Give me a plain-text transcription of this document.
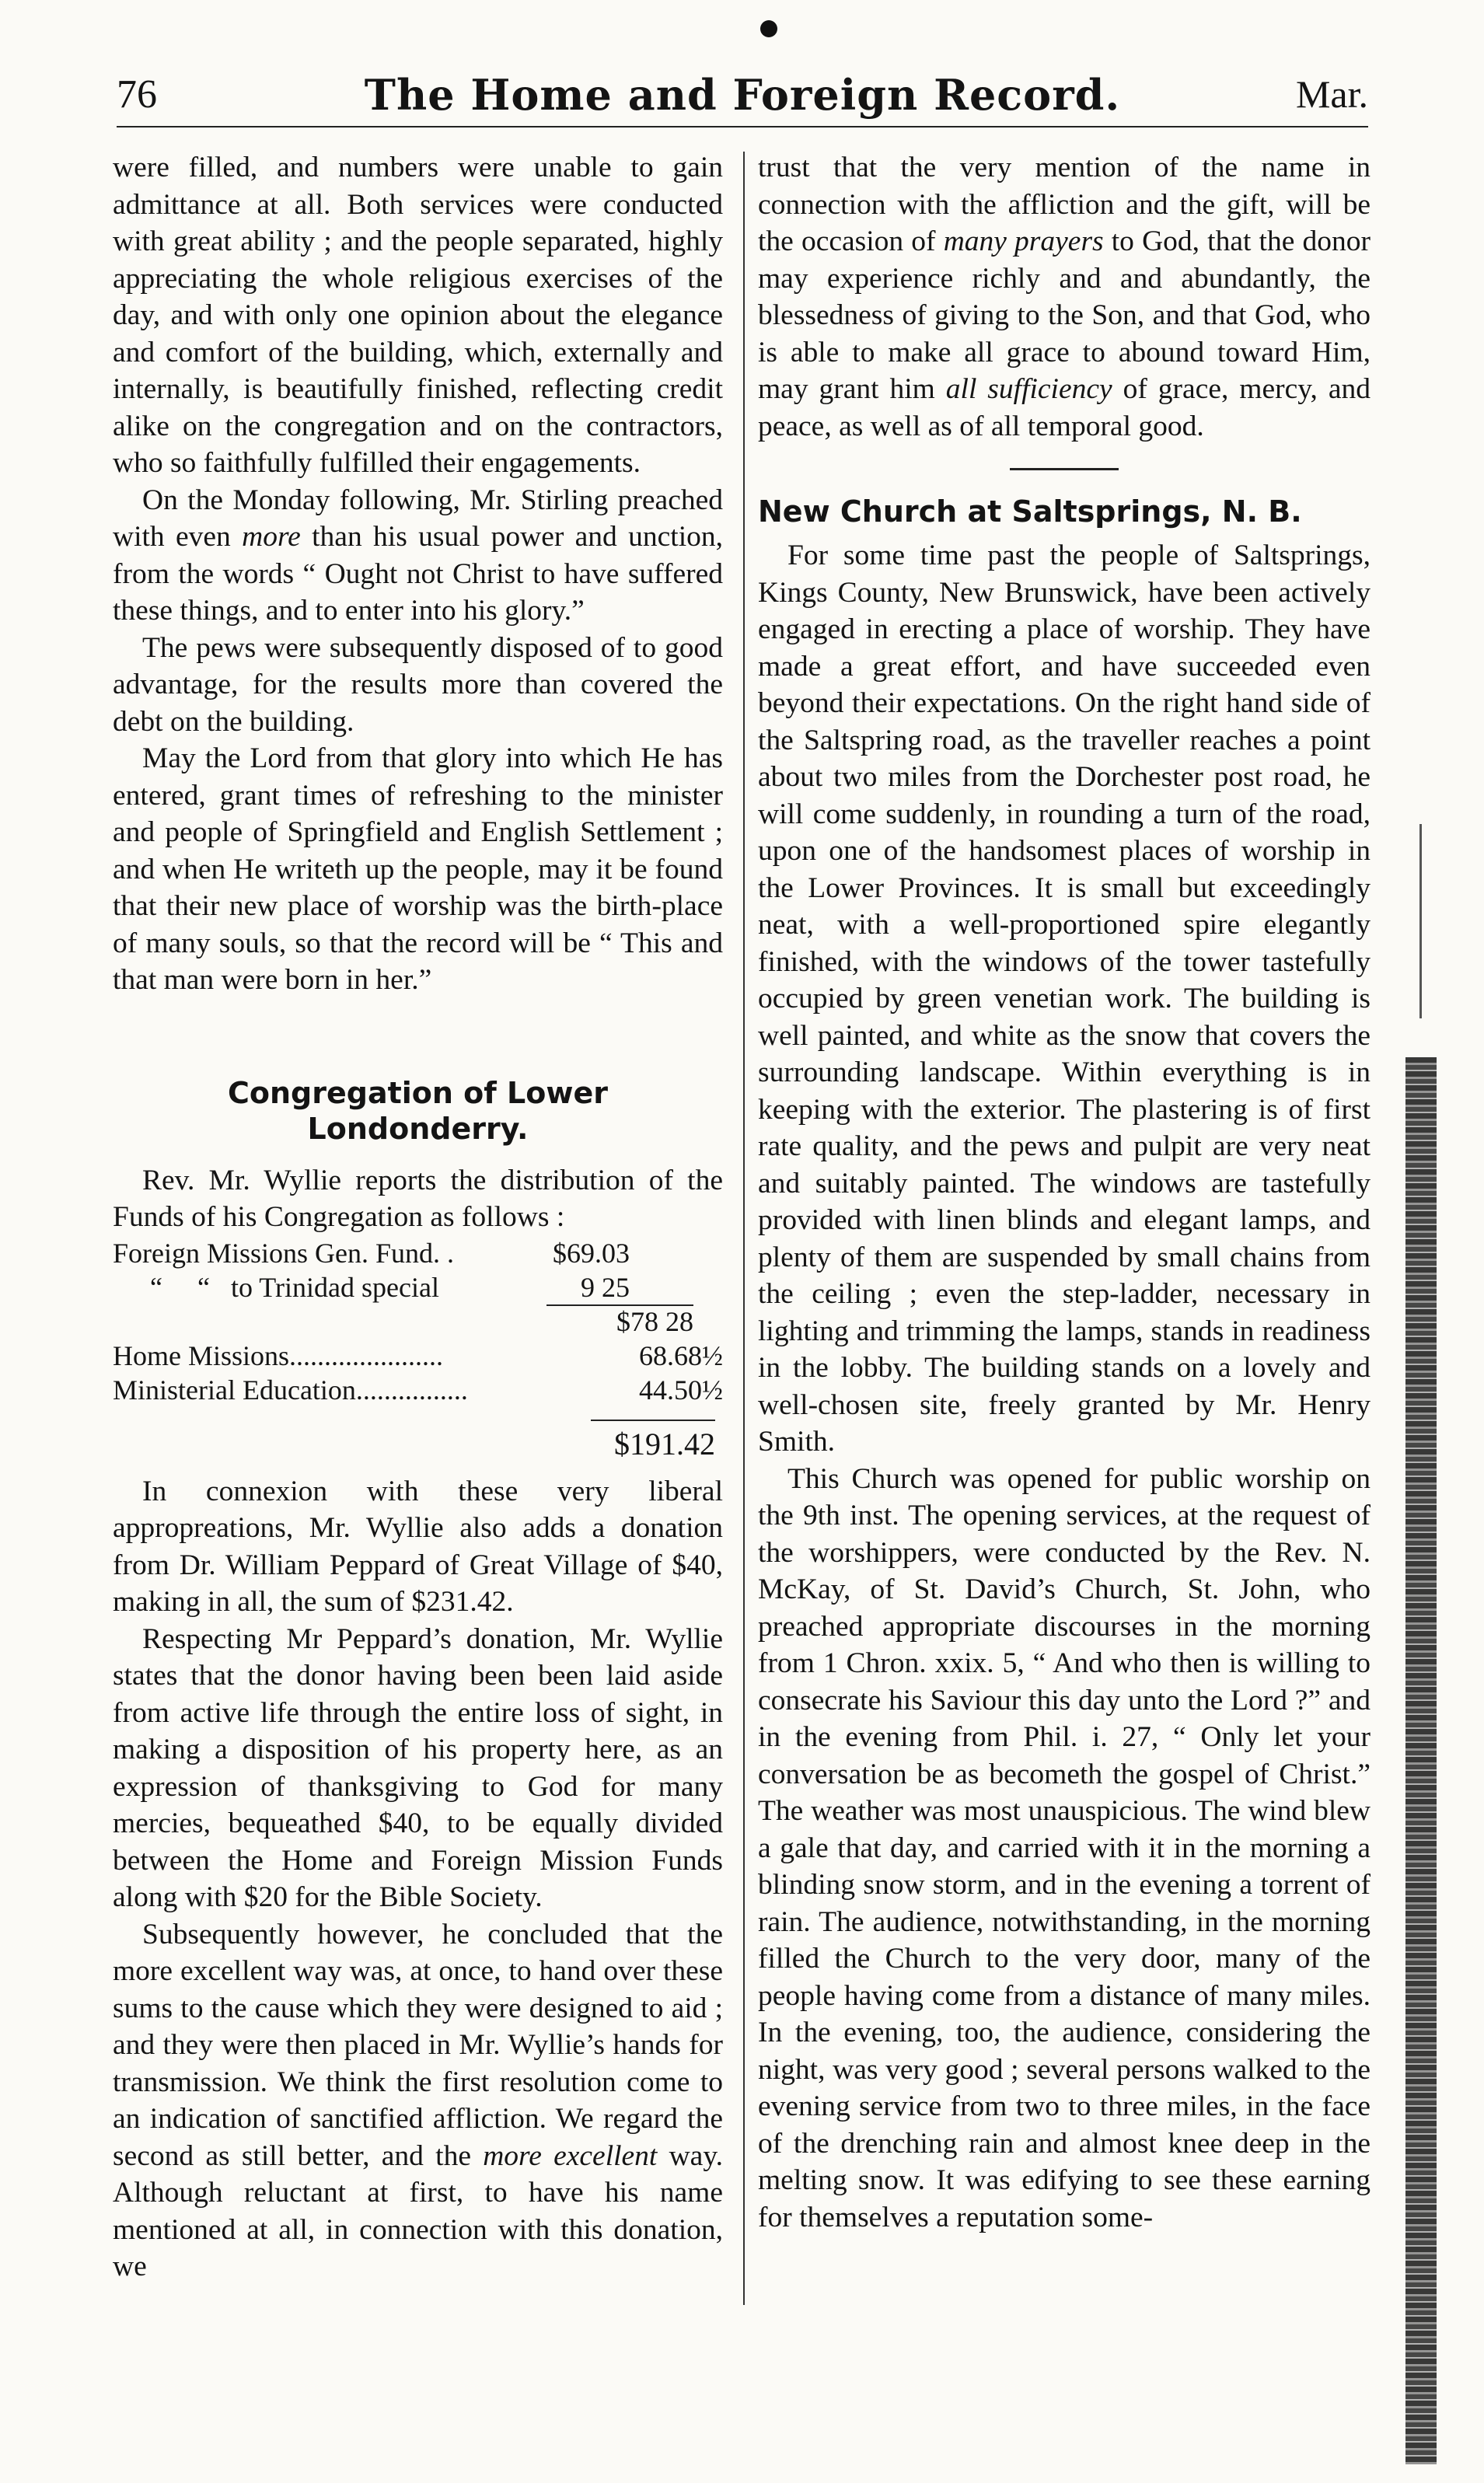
76	The Home and Foreign Record.	Mar.

were filled, and numbers were unable to gain admittance at all. Both services were conducted with great ability ; and the people separated, highly appreciating the whole religious exercises of the day, and with only one opinion about the elegance and comfort of the building, which, externally and internally, is beautifully finished, reflecting credit alike on the congregation and on the contractors, who so faithfully fulfilled their engagements.

On the Monday following, Mr. Stirling preached with even more than his usual power and unction, from the words “ Ought not Christ to have suffered these things, and to enter into his glory.”

The pews were subsequently disposed of to good advantage, for the results more than covered the debt on the building.

May the Lord from that glory into which He has entered, grant times of refreshing to the minister and people of Springfield and English Settlement ; and when He writeth up the people, may it be found that their new place of worship was the birth-place of many souls, so that the record will be “ This and that man were born in her.”

Congregation of Lower Londonderry.

Rev. Mr. Wyllie reports the distribution of the Funds of his Congregation as follows :

Foreign Missions Gen. Fund. .	$69.03
“     “   to Trinidad special	9 25
$78 28
Home Missions......................	68.68½
Ministerial Education................	44.50½
$191.42

In connexion with these very liberal appropreations, Mr. Wyllie also adds a donation from Dr. William Peppard of Great Village of $40, making in all, the sum of $231.42.

Respecting Mr Peppard’s donation, Mr. Wyllie states that the donor having been been laid aside from active life through the entire loss of sight, in making a disposition of his property here, as an expression of thanksgiving to God for many mercies, bequeathed $40, to be equally divided between the Home and Foreign Mission Funds along with $20 for the Bible Society.

Subsequently however, he concluded that the more excellent way was, at once, to hand over these sums to the cause which they were designed to aid ; and they were then placed in Mr. Wyllie’s hands for transmission. We think the first resolution come to an indication of sanctified affliction. We regard the second as still better, and the more excellent way. Although reluctant at first, to have his name mentioned at all, in connection with this donation, we

trust that the very mention of the name in connection with the affliction and the gift, will be the occasion of many prayers to God, that the donor may experience richly and and abundantly, the blessedness of giving to the Son, and that God, who is able to make all grace to abound toward Him, may grant him all sufficiency of grace, mercy, and peace, as well as of all temporal good.

New Church at Saltsprings, N. B.

For some time past the people of Saltsprings, Kings County, New Brunswick, have been actively engaged in erecting a place of worship. They have made a great effort, and have succeeded even beyond their expectations. On the right hand side of the Saltspring road, as the traveller reaches a point about two miles from the Dorchester post road, he will come suddenly, in rounding a turn of the road, upon one of the handsomest places of worship in the Lower Provinces. It is small but exceedingly neat, with a well-proportioned spire elegantly finished, with the windows of the tower tastefully occupied by green venetian work. The building is well painted, and white as the snow that covers the surrounding landscape. Within everything is in keeping with the exterior. The plastering is of first rate quality, and the pews and pulpit are very neat and suitably painted. The windows are tastefully provided with linen blinds and elegant lamps, and plenty of them are suspended by small chains from the ceiling ; even the step-ladder, necessary in lighting and trimming the lamps, stands in readiness in the lobby. The building stands on a lovely and well-chosen site, freely granted by Mr. Henry Smith.

This Church was opened for public worship on the 9th inst. The opening services, at the request of the worshippers, were conducted by the Rev. N. McKay, of St. David’s Church, St. John, who preached appropriate discourses in the morning from 1 Chron. xxix. 5, “ And who then is willing to consecrate his Saviour this day unto the Lord ?” and in the evening from Phil. i. 27, “ Only let your conversation be as becometh the gospel of Christ.” The weather was most unauspicious. The wind blew a gale that day, and carried with it in the morning a blinding snow storm, and in the evening a torrent of rain. The audience, notwithstanding, in the morning filled the Church to the very door, many of the people having come from a distance of many miles. In the evening, too, the audience, considering the night, was very good ; several persons walked to the evening service from two to three miles, in the face of the drenching rain and almost knee deep in the melting snow. It was edifying to see these earning for themselves a reputation some-
